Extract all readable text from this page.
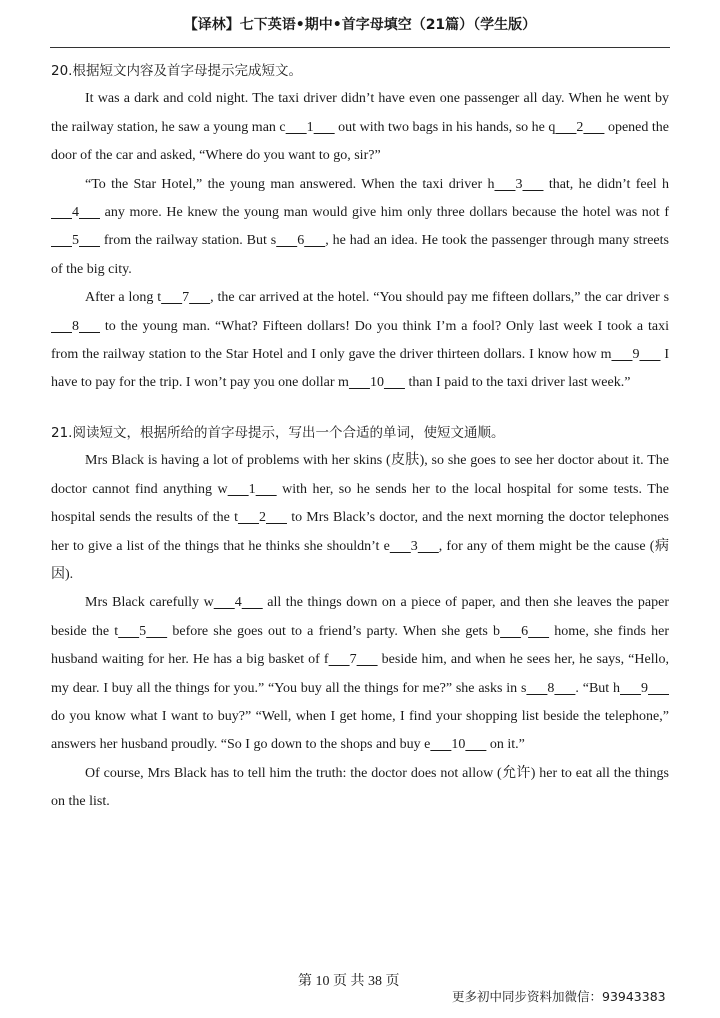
【译林】七下英语•期中•首字母填空（21篇）（学生版）

20.根据短文内容及首字母提示完成短文。

It was a dark and cold night. The taxi driver didn’t have even one passenger all day. When he went by the railway station, he saw a young man c 1       out with two bags in his hands, so he q 2       opened the door of the car and asked, “Where do you want to go, sir?”

“To the Star Hotel,” the young man answered. When the taxi driver h 3       that, he didn’t feel h      4       any more. He knew the young man would give him only three dollars because the hotel was not f      5       from the railway station. But s 6 , he had an idea. He took the passenger through many streets of the big city.

After a long t 7 , the car arrived at the hotel. “You should pay me fifteen dollars,” the car driver s      8       to the young man. “What? Fifteen dollars! Do you think I’m a fool? Only last week I took a taxi from the railway station to the Star Hotel and I only gave the driver thirteen dollars. I know how m 9       I have to pay for the trip. I won’t pay you one dollar m 10       than I paid to the taxi driver last week.”

21.阅读短文，根据所给的首字母提示，写出一个合适的单词，使短文通顺。

Mrs Black is having a lot of problems with her skins (皮肤), so she goes to see her doctor about it. The doctor cannot find anything w 1       with her, so he sends her to the local hospital for some tests. The hospital sends the results of the t 2       to Mrs Black’s doctor, and the next morning the doctor telephones her to give a list of the things that he thinks she shouldn’t e 3 , for any of them might be the cause (病因).

Mrs Black carefully w 4       all the things down on a piece of paper, and then she leaves the paper beside the t 5       before she goes out to a friend’s party. When she gets b 6       home, she finds her husband waiting for her. He has a big basket of f 7       beside him, and when he sees her, he says, “Hello, my dear. I buy all the things for you.” “You buy all the things for me?” she asks in s 8 . “But h 9       do you know what I want to buy?” “Well, when I get home, I find your shopping list beside the telephone,” answers her husband proudly. “So I go down to the shops and buy e 10       on it.”

Of course, Mrs Black has to tell him the truth: the doctor does not allow (允许) her to eat all the things on the list.

第 10 页 共 38 页
更多初中同步资料加微信：93943383
